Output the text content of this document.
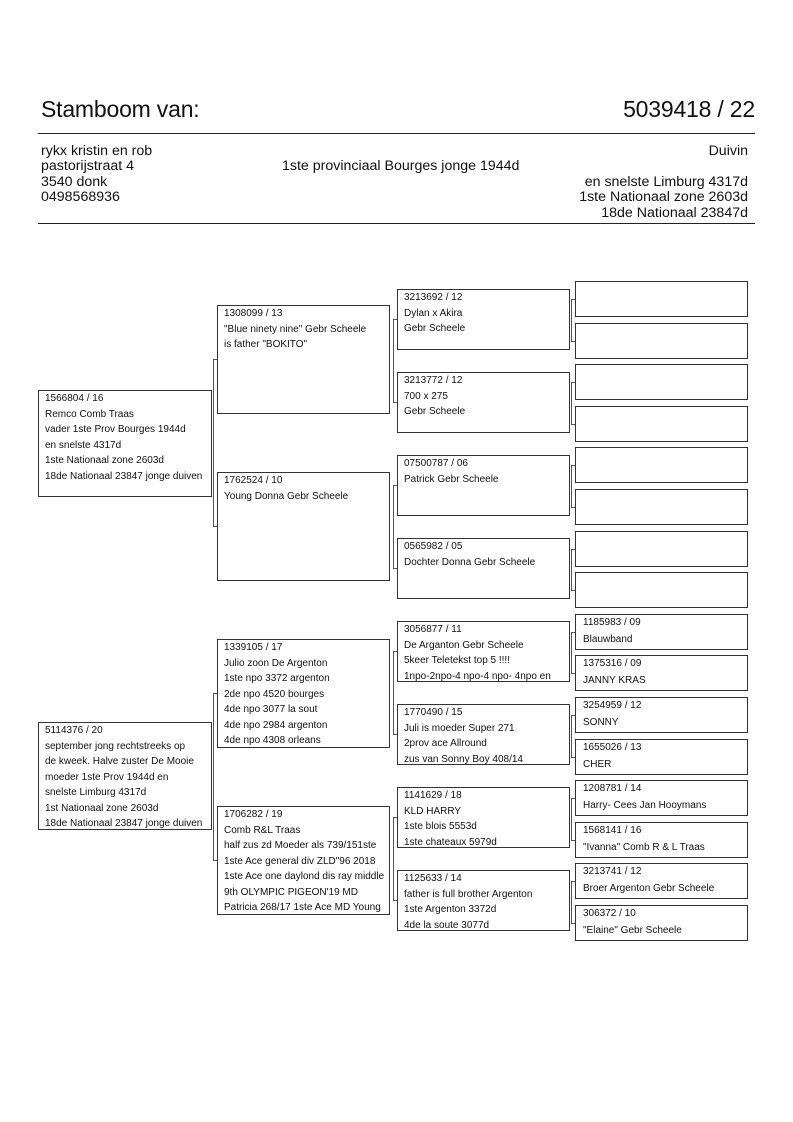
Stamboom van:	5039418 / 22
rykx kristin en rob
pastorijstraat 4
3540 donk
0498568936
1ste provinciaal Bourges jonge 1944d
Duivin
en snelste Limburg 4317d
1ste Nationaal zone 2603d
18de Nationaal 23847d
1566804 / 16
Remco Comb Traas
vader 1ste Prov Bourges 1944d
en snelste 4317d
1ste Nationaal zone 2603d
18de Nationaal 23847 jonge duiven
5114376 / 20
september jong rechtstreeks op
de kweek. Halve zuster De Mooie
moeder 1ste Prov 1944d en
snelste Limburg 4317d
1st Nationaal zone 2603d
18de Nationaal 23847 jonge duiven
1308099 / 13
"Blue ninety nine" Gebr Scheele
is father "BOKITO"
1762524 / 10
Young Donna Gebr Scheele
1339105 / 17
Julio zoon De Argenton
1ste npo 3372 argenton
2de npo 4520 bourges
4de npo 3077 la sout
4de npo 2984 argenton
4de npo 4308 orleans
1706282 / 19
Comb R&L Traas
half zus zd Moeder als 739/151ste
1ste Ace general div ZLD"96 2018
1ste Ace one daylond dis ray middle
9th OLYMPIC PIGEON'19 MD
Patricia 268/17 1ste Ace MD Young
3213692 / 12
Dylan x Akira
Gebr Scheele
3213772 / 12
700 x 275
Gebr Scheele
07500787 / 06
Patrick Gebr Scheele
0565982 / 05
Dochter Donna Gebr Scheele
3056877 / 11
De Arganton Gebr Scheele
5keer Teletekst top 5 !!!!
1npo-2npo-4 npo-4 npo- 4npo en
1770490 / 15
Juli is moeder Super 271
2prov ace Allround
zus van Sonny Boy 408/14
1141629 / 18
KLD HARRY
1ste blois 5553d
1ste chateaux 5979d
1125633 / 14
father is full brother Argenton
1ste Argenton 3372d
4de la soute 3077d
1185983 / 09
Blauwband
1375316 / 09
JANNY KRAS
3254959 / 12
SONNY
1655026 / 13
CHER
1208781 / 14
Harry- Cees Jan Hooymans
1568141 / 16
"Ivanna" Comb R & L Traas
3213741 / 12
Broer Argenton Gebr Scheele
306372 / 10
"Elaine" Gebr Scheele
